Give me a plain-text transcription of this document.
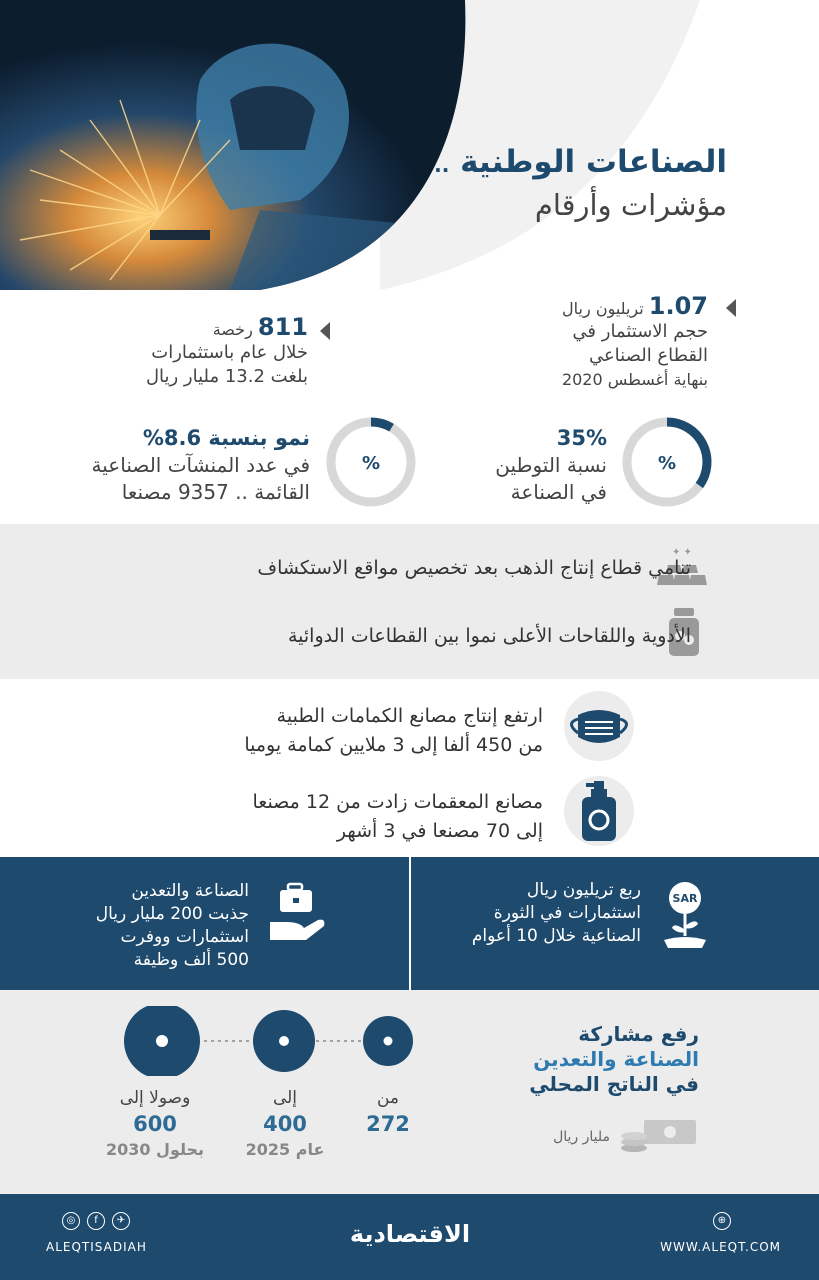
الصناعات الوطنية ..
مؤشرات وأرقام
1.07 تريليون ريال
حجم الاستثمار في
القطاع الصناعي
بنهاية أغسطس 2020
811 رخصة
خلال عام باستثمارات
بلغت 13.2 مليار ريال
%
35%
نسبة التوطين
في الصناعة
%
نمو بنسبة 8.6%
في عدد المنشآت الصناعية
القائمة .. 9357 مصنعا
✦ ✦
تنامي قطاع إنتاج الذهب بعد تخصيص مواقع الاستكشاف
الأدوية واللقاحات الأعلى نموا بين القطاعات الدوائية
ارتفع إنتاج مصانع الكمامات الطبية
من 450 ألفا إلى 3 ملايين كمامة يوميا
مصانع المعقمات زادت من 12 مصنعا
إلى 70 مصنعا في 3 أشهر
SAR
ربع تريليون ريال
استثمارات في الثورة
الصناعية خلال 10 أعوام
الصناعة والتعدين
جذبت 200 مليار ريال
استثمارات ووفرت
500 ألف وظيفة
من
272
إلى
400
عام 2025
وصولا إلى
600
بحلول 2030
رفع مشاركة
الصناعة والتعدين
في الناتج المحلي
مليار ريال
◎	f	✈
ALEQTISADIAH	الاقتصادية	⊕
WWW.ALEQT.COM
